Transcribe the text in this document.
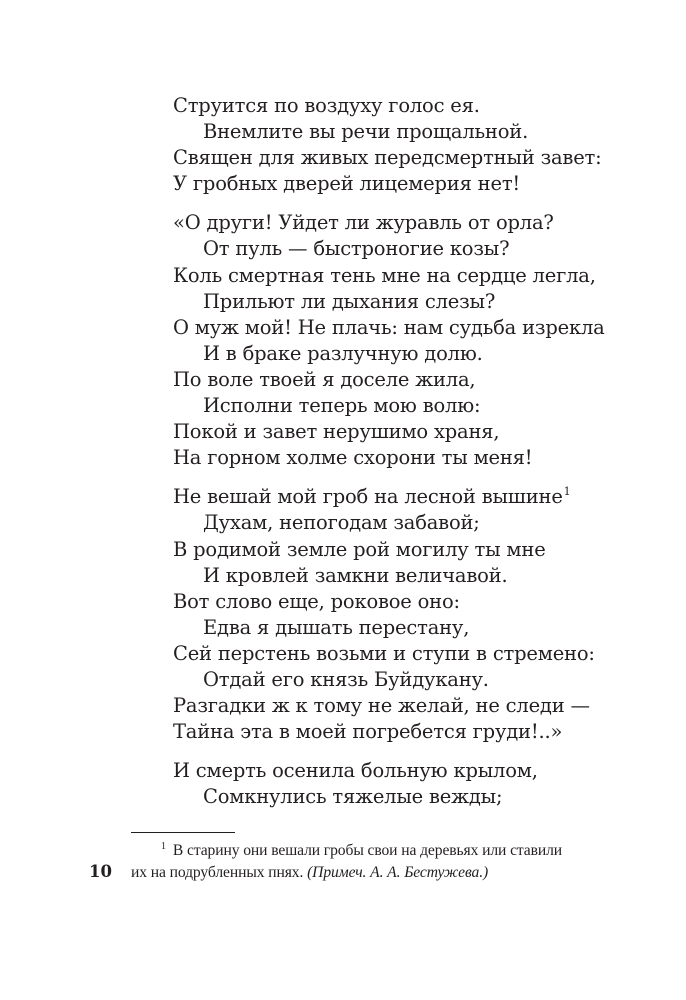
Струится по воздуху голос ея.
Внемлите вы речи прощальной.
Священ для живых передсмертный завет:
У гробных дверей лицемерия нет!
«О други! Уйдет ли журавль от орла?
От пуль — быстроногие козы?
Коль смертная тень мне на сердце легла,
Прильют ли дыхания слезы?
О муж мой! Не плачь: нам судьба изрекла
И в браке разлучную долю.
По воле твоей я доселе жила,
Исполни теперь мою волю:
Покой и завет нерушимо храня,
На горном холме схорони ты меня!
Не вешай мой гроб на лесной вышине$^1$
Духам, непогодам забавой;
В родимой земле рой могилу ты мне
И кровлей замкни величавой.
Вот слово еще, роковое оно:
Едва я дышать перестану,
Сей перстень возьми и ступи в стремено:
Отдай его князь Буйдукану.
Разгадки ж к тому не желай, не следи —
Тайна эта в моей погребется груди!..»
И смерть осенила больную крылом,
Сомкнулись тяжелые вежды;
$^1$ В старину они вешали гробы свои на деревьях или ставили
их на подрубленных пнях. (Примеч. А. А. Бестужева.)
10
